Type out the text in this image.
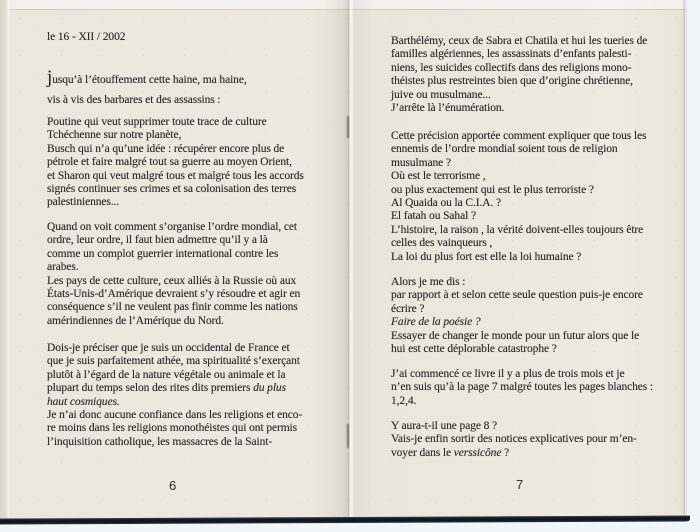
le 16 - XII / 2002
jusqu’à l’étouffement cette haine, ma haine,
vis à vis des barbares et des assassins :
Poutine qui veut supprimer toute trace de culture
Tchéchenne sur notre planète,
Busch qui n’a qu’une idée : récupérer encore plus de
pétrole et faire malgré tout sa guerre au moyen Orient,
et Sharon qui veut malgré tous et malgré tous les accords
signés continuer ses crimes et sa colonisation des terres
palestiniennes...
Quand on voit comment s’organise l’ordre mondial, cet
ordre, leur ordre, il faut bien admettre qu’il y a là
comme un complot guerrier international contre les
arabes.
Les pays de cette culture, ceux alliés à la Russie où aux
États-Unis-d’Amérique devraient s’y résoudre et agir en
conséquence s’il ne veulent pas finir comme les nations
amérindiennes de l’Amérique du Nord.
Dois-je préciser que je suis un occidental de France et
que je suis parfaitement athée, ma spiritualité s’exerçant
plutôt à l’égard de la nature végétale ou animale et la
plupart du temps selon des rites dits premiers du plus
haut cosmiques.
Je n’ai donc aucune confiance dans les religions et enco-
re moins dans les religions monothéistes qui ont permis
l’inquisition catholique, les massacres de la Saint-
6
Barthélémy, ceux de Sabra et Chatila et hui les tueries de
familles algériennes, les assassinats d’enfants palesti-
niens, les suicides collectifs dans des religions mono-
théistes plus restreintes bien que d’origine chrétienne,
juive ou musulmane...
J’arrête là l’énumération.
Cette précision apportée comment expliquer que tous les
ennemis de l’ordre mondial soient tous de religion
musulmane ?
Où est le terrorisme ,
ou plus exactement qui est le plus terroriste ?
Al Quaida ou la C.I.A. ?
El fatah ou Sahal ?
L’histoire, la raison , la vérité doivent-elles toujours être
celles des vainqueurs ,
La loi du plus fort est elle la loi humaine ?
Alors je me dis :
par rapport à et selon cette seule question puis-je encore
écrire ?
Faire de la poésie ?
Essayer de changer le monde pour un futur alors que le
hui est cette déplorable catastrophe ?
J’ai commencé ce livre il y a plus de trois mois et je
n’en suis qu’à la page 7 malgré toutes les pages blanches :
1,2,4.
Y aura-t-il une page 8 ?
Vais-je enfin sortir des notices explicatives pour m’en-
voyer dans le verssicône ?
7
